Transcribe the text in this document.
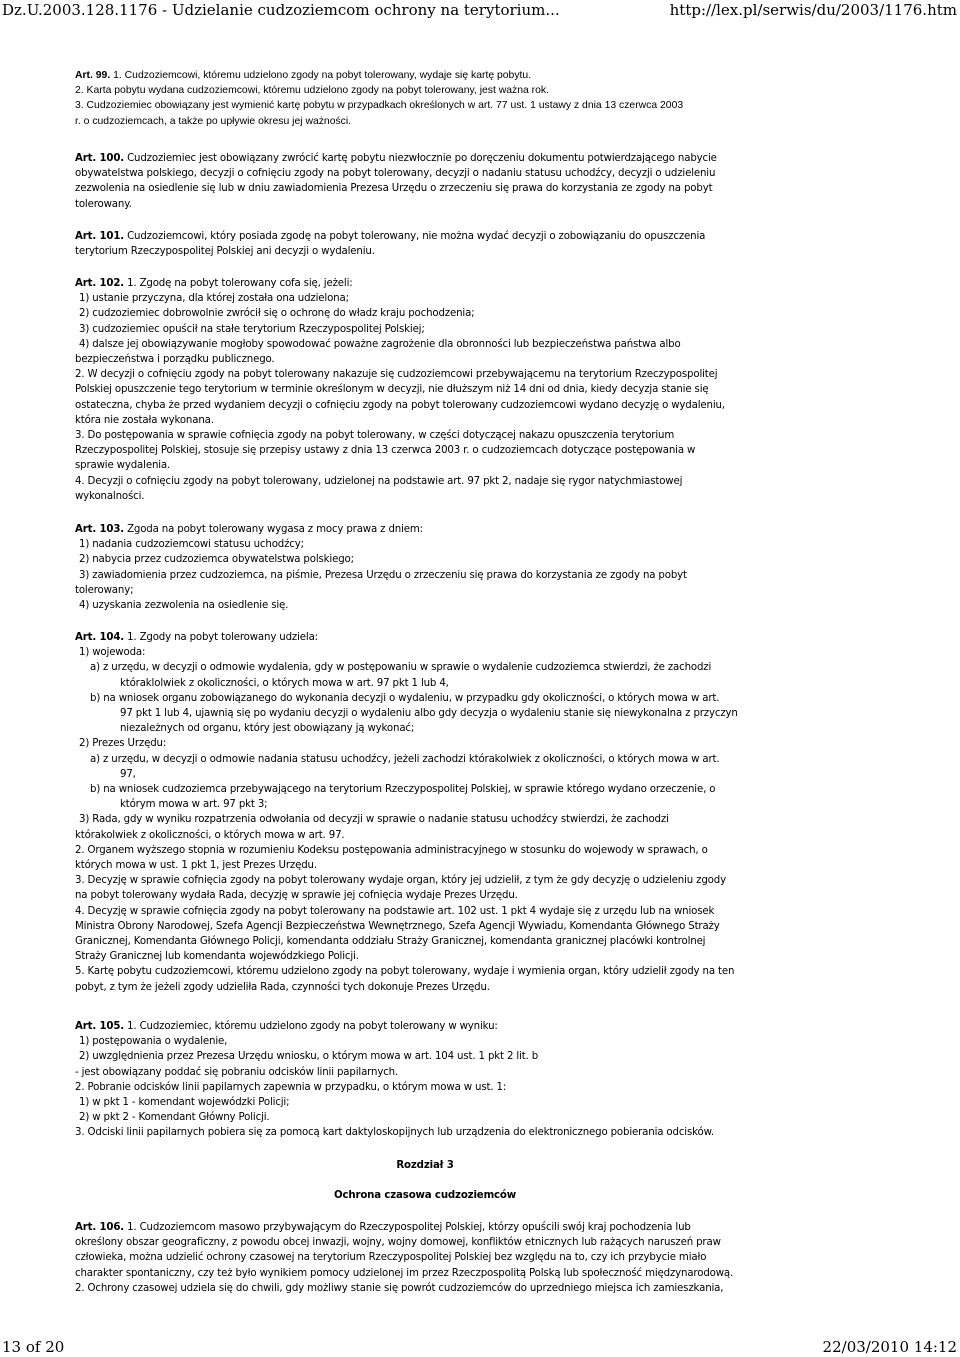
Dz.U.2003.128.1176 - Udzielanie cudzoziemcom ochrony na terytorium...	http://lex.pl/serwis/du/2003/1176.htm
Art. 99. 1. Cudzoziemcowi, któremu udzielono zgody na pobyt tolerowany, wydaje się kartę pobytu.
2. Karta pobytu wydana cudzoziemcowi, któremu udzielono zgody na pobyt tolerowany, jest ważna rok.
3. Cudzoziemiec obowiązany jest wymienić kartę pobytu w przypadkach określonych w art. 77 ust. 1 ustawy z dnia 13 czerwca 2003
r. o cudzoziemcach, a także po upływie okresu jej ważności.
Art. 100. Cudzoziemiec jest obowiązany zwrócić kartę pobytu niezwłocznie po doręczeniu dokumentu potwierdzającego nabycie
obywatelstwa polskiego, decyzji o cofnięciu zgody na pobyt tolerowany, decyzji o nadaniu statusu uchodźcy, decyzji o udzieleniu
zezwolenia na osiedlenie się lub w dniu zawiadomienia Prezesa Urzędu o zrzeczeniu się prawa do korzystania ze zgody na pobyt
tolerowany.
Art. 101. Cudzoziemcowi, który posiada zgodę na pobyt tolerowany, nie można wydać decyzji o zobowiązaniu do opuszczenia
terytorium Rzeczypospolitej Polskiej ani decyzji o wydaleniu.
Art. 102. 1. Zgodę na pobyt tolerowany cofa się, jeżeli:
1) ustanie przyczyna, dla której została ona udzielona;
2) cudzoziemiec dobrowolnie zwrócił się o ochronę do władz kraju pochodzenia;
3) cudzoziemiec opuścił na stałe terytorium Rzeczypospolitej Polskiej;
4) dalsze jej obowiązywanie mogłoby spowodować poważne zagrożenie dla obronności lub bezpieczeństwa państwa albo
bezpieczeństwa i porządku publicznego.
2. W decyzji o cofnięciu zgody na pobyt tolerowany nakazuje się cudzoziemcowi przebywającemu na terytorium Rzeczypospolitej
Polskiej opuszczenie tego terytorium w terminie określonym w decyzji, nie dłuższym niż 14 dni od dnia, kiedy decyzja stanie się
ostateczna, chyba że przed wydaniem decyzji o cofnięciu zgody na pobyt tolerowany cudzoziemcowi wydano decyzję o wydaleniu,
która nie została wykonana.
3. Do postępowania w sprawie cofnięcia zgody na pobyt tolerowany, w części dotyczącej nakazu opuszczenia terytorium
Rzeczypospolitej Polskiej, stosuje się przepisy ustawy z dnia 13 czerwca 2003 r. o cudzoziemcach dotyczące postępowania w
sprawie wydalenia.
4. Decyzji o cofnięciu zgody na pobyt tolerowany, udzielonej na podstawie art. 97 pkt 2, nadaje się rygor natychmiastowej
wykonalności.
Art. 103. Zgoda na pobyt tolerowany wygasa z mocy prawa z dniem:
1) nadania cudzoziemcowi statusu uchodźcy;
2) nabycia przez cudzoziemca obywatelstwa polskiego;
3) zawiadomienia przez cudzoziemca, na piśmie, Prezesa Urzędu o zrzeczeniu się prawa do korzystania ze zgody na pobyt
tolerowany;
4) uzyskania zezwolenia na osiedlenie się.
Art. 104. 1. Zgody na pobyt tolerowany udziela:
1) wojewoda:
a) z urzędu, w decyzji o odmowie wydalenia, gdy w postępowaniu w sprawie o wydalenie cudzoziemca stwierdzi, że zachodzi
któraklolwiek z okoliczności, o których mowa w art. 97 pkt 1 lub 4,
b) na wniosek organu zobowiązanego do wykonania decyzji o wydaleniu, w przypadku gdy okoliczności, o których mowa w art.
97 pkt 1 lub 4, ujawnią się po wydaniu decyzji o wydaleniu albo gdy decyzja o wydaleniu stanie się niewykonalna z przyczyn
niezależnych od organu, który jest obowiązany ją wykonać;
2) Prezes Urzędu:
a) z urzędu, w decyzji o odmowie nadania statusu uchodźcy, jeżeli zachodzi którakolwiek z okoliczności, o których mowa w art.
97,
b) na wniosek cudzoziemca przebywającego na terytorium Rzeczypospolitej Polskiej, w sprawie którego wydano orzeczenie, o
którym mowa w art. 97 pkt 3;
3) Rada, gdy w wyniku rozpatrzenia odwołania od decyzji w sprawie o nadanie statusu uchodźcy stwierdzi, że zachodzi
którakolwiek z okoliczności, o których mowa w art. 97.
2. Organem wyższego stopnia w rozumieniu Kodeksu postępowania administracyjnego w stosunku do wojewody w sprawach, o
których mowa w ust. 1 pkt 1, jest Prezes Urzędu.
3. Decyzję w sprawie cofnięcia zgody na pobyt tolerowany wydaje organ, który jej udzielił, z tym że gdy decyzję o udzieleniu zgody
na pobyt tolerowany wydała Rada, decyzję w sprawie jej cofnięcia wydaje Prezes Urzędu.
4. Decyzję w sprawie cofnięcia zgody na pobyt tolerowany na podstawie art. 102 ust. 1 pkt 4 wydaje się z urzędu lub na wniosek
Ministra Obrony Narodowej, Szefa Agencji Bezpieczeństwa Wewnętrznego, Szefa Agencji Wywiadu, Komendanta Głównego Straży
Granicznej, Komendanta Głównego Policji, komendanta oddziału Straży Granicznej, komendanta granicznej placówki kontrolnej
Straży Granicznej lub komendanta wojewódzkiego Policji.
5. Kartę pobytu cudzoziemcowi, któremu udzielono zgody na pobyt tolerowany, wydaje i wymienia organ, który udzielił zgody na ten
pobyt, z tym że jeżeli zgody udzieliła Rada, czynności tych dokonuje Prezes Urzędu.
Art. 105. 1. Cudzoziemiec, któremu udzielono zgody na pobyt tolerowany w wyniku:
1) postępowania o wydalenie,
2) uwzględnienia przez Prezesa Urzędu wniosku, o którym mowa w art. 104 ust. 1 pkt 2 lit. b
- jest obowiązany poddać się pobraniu odcisków linii papilarnych.
2. Pobranie odcisków linii papilarnych zapewnia w przypadku, o którym mowa w ust. 1:
1) w pkt 1 - komendant wojewódzki Policji;
2) w pkt 2 - Komendant Główny Policji.
3. Odciski linii papilarnych pobiera się za pomocą kart daktyloskopijnych lub urządzenia do elektronicznego pobierania odcisków.
Rozdział 3
Ochrona czasowa cudzoziemców
Art. 106. 1. Cudzoziemcom masowo przybywającym do Rzeczypospolitej Polskiej, którzy opuścili swój kraj pochodzenia lub
określony obszar geograficzny, z powodu obcej inwazji, wojny, wojny domowej, konfliktów etnicznych lub rażących naruszeń praw
człowieka, można udzielić ochrony czasowej na terytorium Rzeczypospolitej Polskiej bez względu na to, czy ich przybycie miało
charakter spontaniczny, czy też było wynikiem pomocy udzielonej im przez Rzeczpospolitą Polską lub społeczność międzynarodową.
2. Ochrony czasowej udziela się do chwili, gdy możliwy stanie się powrót cudzoziemców do uprzedniego miejsca ich zamieszkania,
13 of 20	22/03/2010 14:12
